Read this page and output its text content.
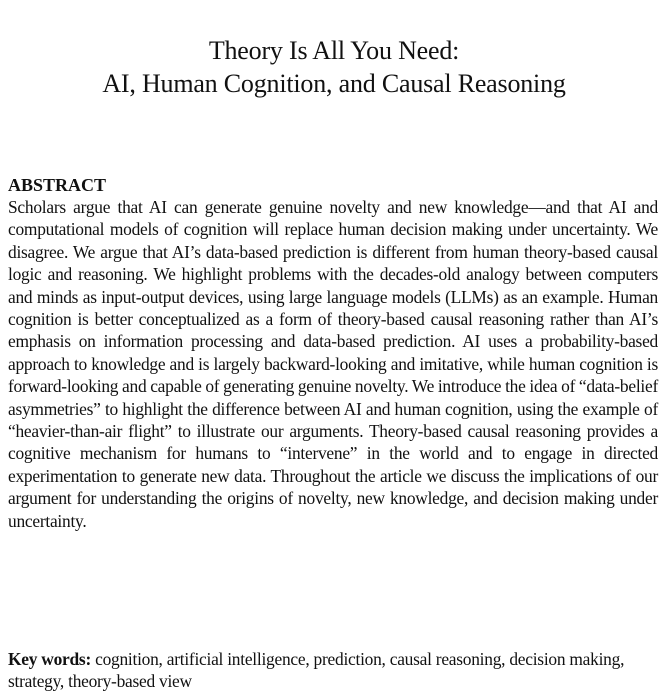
Theory Is All You Need:
AI, Human Cognition, and Causal Reasoning

ABSTRACT

Scholars argue that AI can generate genuine novelty and new knowledge—and that AI and computational models of cognition will replace human decision making under uncertainty. We disagree. We argue that AI’s data-based prediction is different from human theory-based causal logic and reasoning. We highlight problems with the decades-old analogy between computers and minds as input-output devices, using large language models (LLMs) as an example. Human cognition is better conceptualized as a form of theory-based causal reasoning rather than AI’s emphasis on information processing and data-based prediction. AI uses a probability-based approach to knowledge and is largely backward-looking and imitative, while human cognition is forward-looking and capable of generating genuine novelty. We introduce the idea of “data-belief asymmetries” to highlight the difference between AI and human cognition, using the example of “heavier-than-air flight” to illustrate our arguments. Theory-based causal reasoning provides a cognitive mechanism for humans to “intervene” in the world and to engage in directed experimentation to generate new data. Throughout the article we discuss the implications of our argument for understanding the origins of novelty, new knowledge, and decision making under uncertainty.

Key words: cognition, artificial intelligence, prediction, causal reasoning, decision making, strategy, theory-based view
